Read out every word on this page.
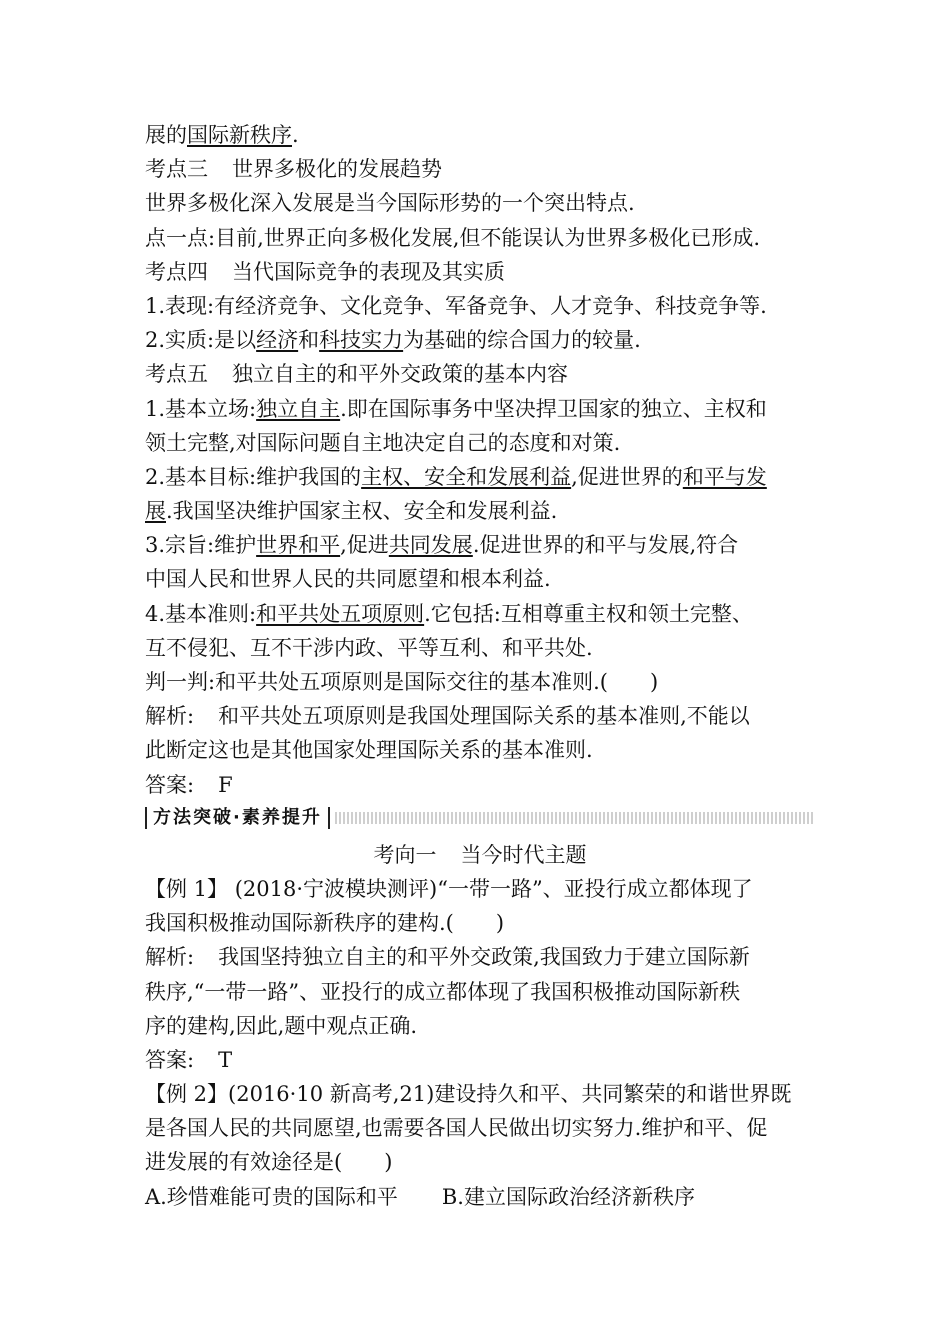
展的国际新秩序.
考点三 世界多极化的发展趋势
世界多极化深入发展是当今国际形势的一个突出特点.
点一点:目前,世界正向多极化发展,但不能误认为世界多极化已形成.
考点四 当代国际竞争的表现及其实质
1.表现:有经济竞争、文化竞争、军备竞争、人才竞争、科技竞争等.
2.实质:是以经济和科技实力为基础的综合国力的较量.
考点五 独立自主的和平外交政策的基本内容
1.基本立场:独立自主.即在国际事务中坚决捍卫国家的独立、主权和
领土完整,对国际问题自主地决定自己的态度和对策.
2.基本目标:维护我国的主权、安全和发展利益,促进世界的和平与发
展.我国坚决维护国家主权、安全和发展利益.
3.宗旨:维护世界和平,促进共同发展.促进世界的和平与发展,符合
中国人民和世界人民的共同愿望和根本利益.
4.基本准则:和平共处五项原则.它包括:互相尊重主权和领土完整、
互不侵犯、互不干涉内政、平等互利、和平共处.
判一判:和平共处五项原则是国际交往的基本准则.(　　)
解析: 和平共处五项原则是我国处理国际关系的基本准则,不能以
此断定这也是其他国家处理国际关系的基本准则.
答案: F
方法突破·素养提升
考向一 当今时代主题
【例 1】 (2018·宁波模块测评)“一带一路”、亚投行成立都体现了
我国积极推动国际新秩序的建构.(　　)
解析: 我国坚持独立自主的和平外交政策,我国致力于建立国际新
秩序,“一带一路”、亚投行的成立都体现了我国积极推动国际新秩
序的建构,因此,题中观点正确.
答案: T
【例 2】(2016·10 新高考,21)建设持久和平、共同繁荣的和谐世界既
是各国人民的共同愿望,也需要各国人民做出切实努力.维护和平、促
进发展的有效途径是(　　)
A.珍惜难能可贵的国际和平 B.建立国际政治经济新秩序
